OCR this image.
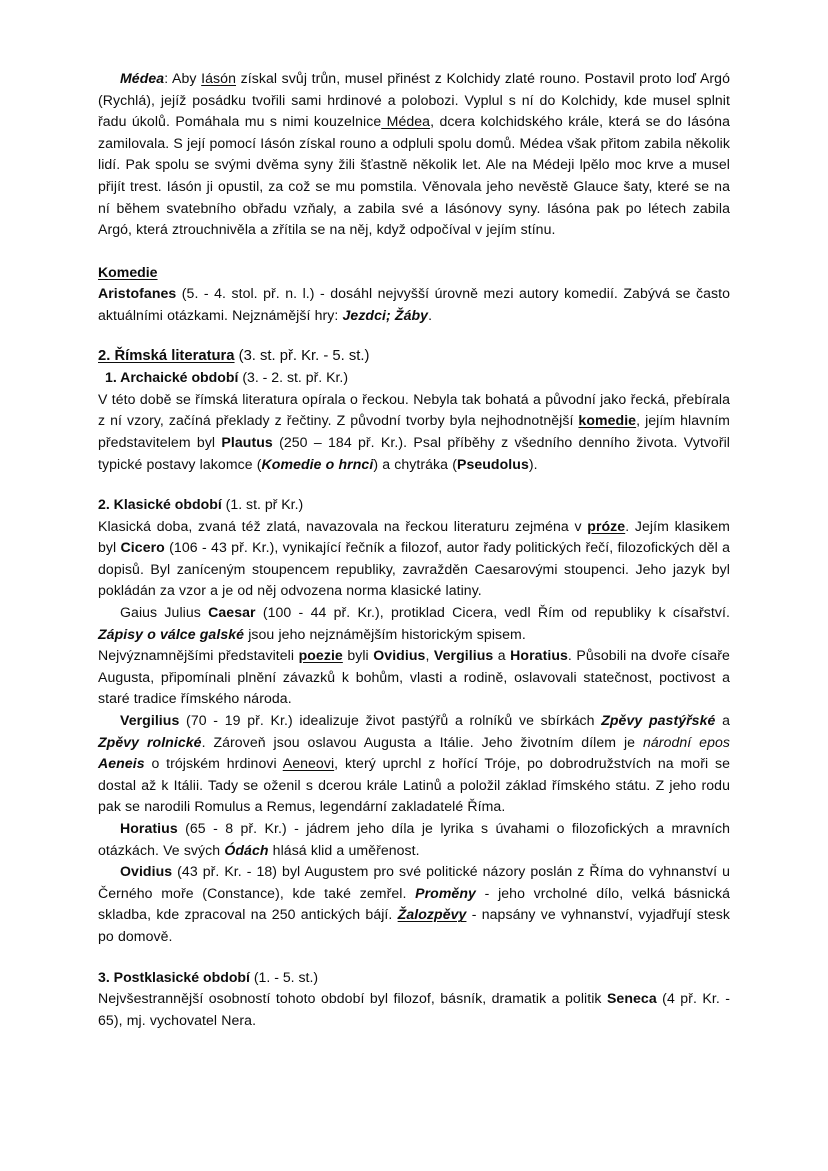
Médea: Aby Iásón získal svůj trůn, musel přinést z Kolchidy zlaté rouno. Postavil proto loď Argó (Rychlá), jejíž posádku tvořili sami hrdinové a polobozi. Vyplul s ní do Kolchidy, kde musel splnit řadu úkolů. Pomáhala mu s nimi kouzelnice Médea, dcera kolchidského krále, která se do Iásóna zamilovala. S její pomocí Iásón získal rouno a odpluli spolu domů. Médea však přitom zabila několik lidí. Pak spolu se svými dvěma syny žili šťastně několik let. Ale na Médeji lpělo moc krve a musel přijít trest. Iásón ji opustil, za což se mu pomstila. Věnovala jeho nevěstě Glauce šaty, které se na ní během svatebního obřadu vzňaly, a zabila své a Iásónovy syny. Iásóna pak po létech zabila Argó, která ztrouchnivěla a zřítila se na něj, když odpočíval v jejím stínu.

Komedie

Aristofanes (5. - 4. stol. př. n. l.) - dosáhl nejvyšší úrovně mezi autory komedií. Zabývá se často aktuálními otázkami. Nejznámější hry: Jezdci; Žáby.

2. Římská literatura (3. st. př. Kr. - 5. st.)
1. Archaické období (3. - 2. st. př. Kr.)

V této době se římská literatura opírala o řeckou. Nebyla tak bohatá a původní jako řecká, přebírala z ní vzory, začíná překlady z řečtiny. Z původní tvorby byla nejhodnotnější komedie, jejím hlavním představitelem byl Plautus (250 – 184 př. Kr.). Psal příběhy z všedního denního života. Vytvořil typické postavy lakomce (Komedie o hrnci) a chytráka (Pseudolus).

2. Klasické období (1. st. př Kr.)

Klasická doba, zvaná též zlatá, navazovala na řeckou literaturu zejména v próze. Jejím klasikem byl Cicero (106 - 43 př. Kr.), vynikající řečník a filozof, autor řady politických řečí, filozofických děl a dopisů. Byl zaníceným stoupencem republiky, zavražděn Caesarovými stoupenci. Jeho jazyk byl pokládán za vzor a je od něj odvozena norma klasické latiny.

Gaius Julius Caesar (100 - 44 př. Kr.), protiklad Cicera, vedl Řím od republiky k císařství. Zápisy o válce galské jsou jeho nejznámějším historickým spisem.

Nejvýznamnějšími představiteli poezie byli Ovidius, Vergilius a Horatius. Působili na dvoře císaře Augusta, připomínali plnění závazků k bohům, vlasti a rodině, oslavovali statečnost, poctivost a staré tradice římského národa.

Vergilius (70 - 19 př. Kr.) idealizuje život pastýřů a rolníků ve sbírkách Zpěvy pastýřské a Zpěvy rolnické. Zároveň jsou oslavou Augusta a Itálie. Jeho životním dílem je národní epos Aeneis o trójském hrdinovi Aeneovi, který uprchl z hořící Tróje, po dobrodružstvích na moři se dostal až k Itálii. Tady se oženil s dcerou krále Latinů a položil základ římského státu. Z jeho rodu pak se narodili Romulus a Remus, legendární zakladatelé Říma.

Horatius (65 - 8 př. Kr.) - jádrem jeho díla je lyrika s úvahami o filozofických a mravních otázkách. Ve svých Ódách hlásá klid a uměřenost.

Ovidius (43 př. Kr. - 18) byl Augustem pro své politické názory poslán z Říma do vyhnanství u Černého moře (Constance), kde také zemřel. Proměny - jeho vrcholné dílo, velká básnická skladba, kde zpracoval na 250 antických bájí. Žalozpěvy - napsány ve vyhnanství, vyjadřují stesk po domově.

3. Postklasické období (1. - 5. st.)

Nejvšestrannější osobností tohoto období byl filozof, básník, dramatik a politik Seneca (4 př. Kr. - 65), mj. vychovatel Nera.
